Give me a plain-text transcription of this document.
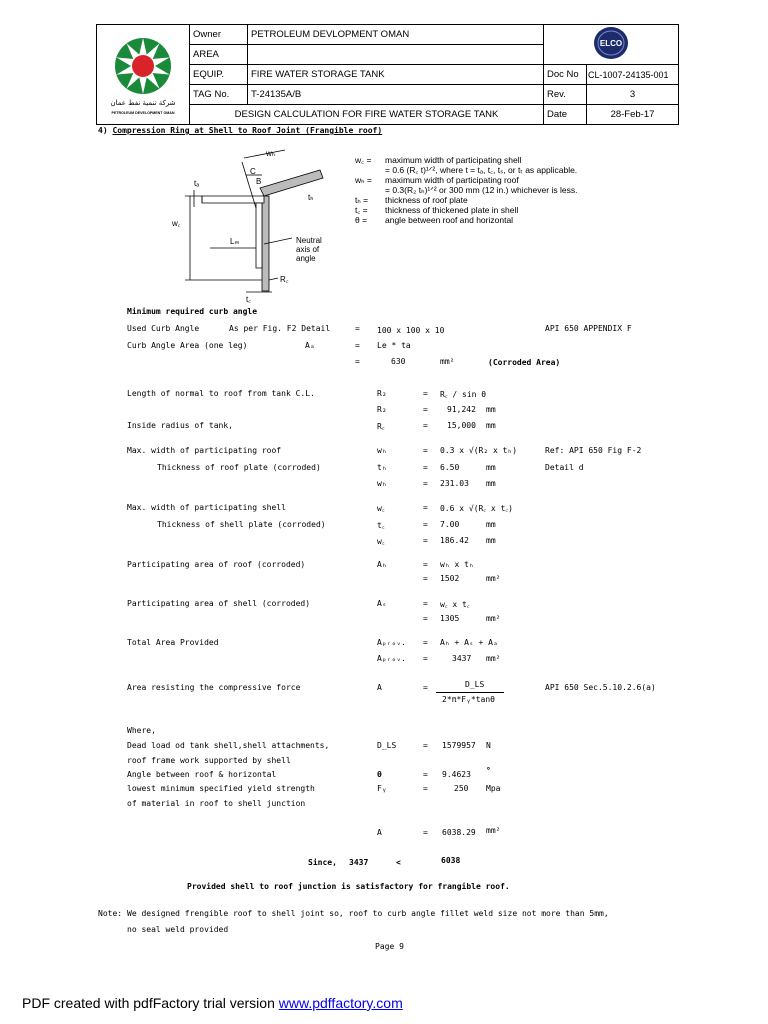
شركة تنمية نفط عمان
PETROLEUM DEVELOPMENT OMAN	Owner	PETROLEUM DEVLOPMENT OMAN	ELCO	

	AREA			
	EQUIP.	FIRE WATER STORAGE TANK	Doc No	CL-1007-24135-001
	TAG No.	T-24135A/B	Rev.	3
	DESIGN CALCULATION FOR FIRE WATER STORAGE TANK		Date	28-Feb-17
4) Compression Ring at Shell to Roof Joint (Frangible roof)
wₕ
C
B
tₐ
tₕ
w꜀
Lₘ
R꜀
t꜀
Neutral
axis of
angle
w꜀ =	maximum width of participating shell
= 0.6 (R꜀ t)¹ᐟ², where t = tₐ, t꜀, tₛ, or tₜ as applicable.
wₕ =	maximum width of participating roof
= 0.3(R₂ tₕ)¹ᐟ² or 300 mm (12 in.) whichever is less.
tₕ =	thickness of roof plate
t꜀ =	thickness of thickened plate in shell
θ =	angle between roof and horizontal
Minimum required curb angle
Used Curb Angle	As per Fig. F2 Detail	= 100 x 100 x 10	API 650 APPENDIX F
Curb Angle Area (one leg)	Aₐ	= Le * ta
=	630	mm²	(Corroded Area)
Length of normal to roof from tank C.L.	R₂	= R꜀ / sin θ
R₂	= 91,242 mm
Inside radius of tank,	R꜀	= 15,000 mm
Max. width of participating roof	wₕ	= 0.3 x √(R₂ x tₕ)	Ref: API 650 Fig F-2
Thickness of roof plate (corroded)	tₕ	= 6.50	mm	Detail d
wₕ	= 231.03 mm
Max. width of participating shell	w꜀	= 0.6 x √(R꜀ x t꜀)
Thickness of shell plate (corroded)	t꜀	= 7.00	mm
w꜀	= 186.42 mm
Participating area of roof (corroded)	Aₕ	= wₕ x tₕ
= 1502	mm²
Participating area of shell (corroded)	Aₛ	= w꜀ x t꜀
= 1305	mm²
Total Area Provided	Aₚᵣₒᵥ. = Aₕ + Aₛ + Aₐ
Aₚᵣₒᵥ. =	3437 mm²
Area resisting the compressive force	A	=	D_LS
2*π*Fᵧ*tanθ
API 650 Sec.5.10.2.6(a)
Where,
Dead load od tank shell,shell attachments,
roof frame work supported by shell
D_LS	= 1579957 N
Angle between roof & horizontal	θ	= 9.4623 °
lowest minimum specified yield strength
of material in roof to shell junction
Fᵧ	=	250 Mpa
A	= 6038.29 mm²
Since, 3437	<	6038
Provided shell to roof junction is satisfactory for frangible roof.
Note: We designed frengible roof to shell joint so, roof to curb angle fillet weld size not more than 5mm,
no seal weld provided
Page 9
PDF created with pdfFactory trial version www.pdffactory.com
